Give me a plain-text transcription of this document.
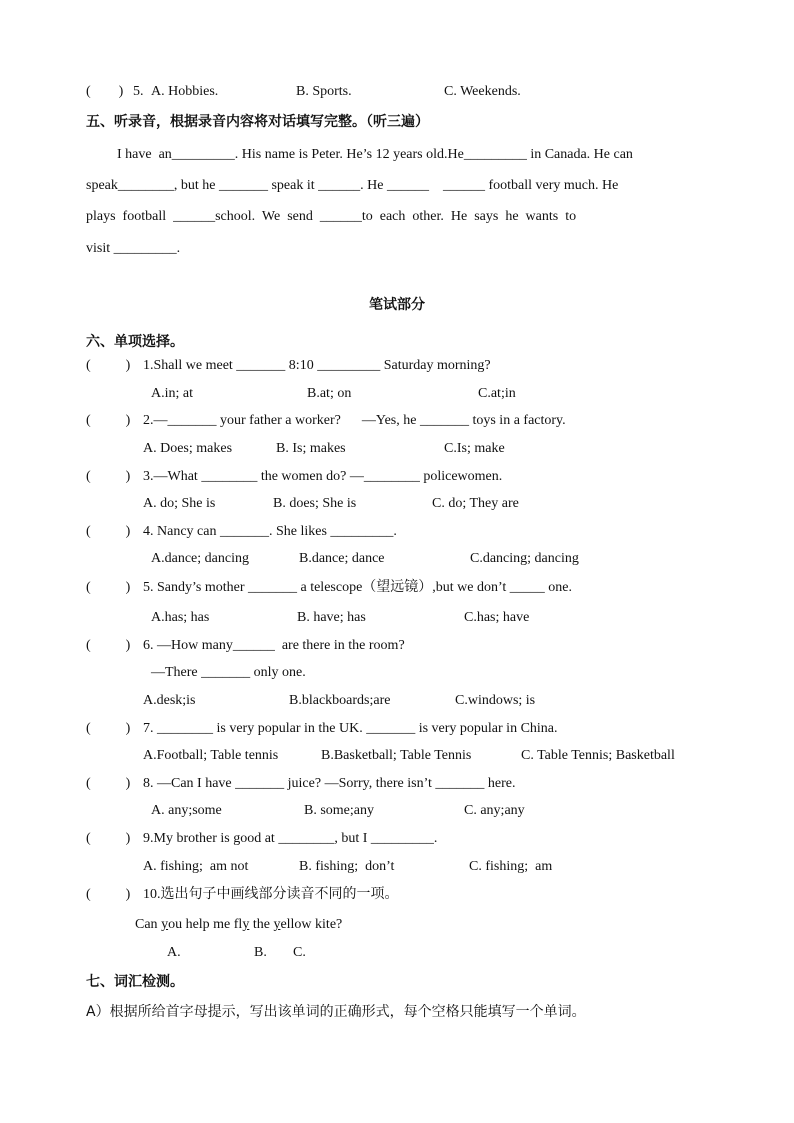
(        ) 5. A. Hobbies.	B. Sports.	C. Weekends.
五、听录音，根据录音内容将对话填写完整。（听三遍）
I have  an_________. His name is Peter. He’s 12 years old.He_________ in Canada. He can
speak________, but he _______ speak it ______. He ______    ______ football very much. He
plays  football  ______school.  We  send  ______to  each  other.  He  says  he  wants  to
visit _________.
笔试部分
六、单项选择。
(          ) 1.Shall we meet _______ 8:10 _________ Saturday morning?
A.in; at	B.at; on	C.at;in
(          ) 2.—_______ your father a worker?      —Yes, he _______ toys in a factory.
A. Does; makes	B. Is; makes	C.Is; make
(          ) 3.—What ________ the women do? —________ policewomen.
A. do; She is	B. does; She is	C. do; They are
(          ) 4. Nancy can _______. She likes _________.
A.dance; dancing	B.dance; dance	C.dancing; dancing
(          ) 5. Sandy’s mother _______ a telescope（望远镜）,but we don’t _____ one.
A.has; has	B. have; has	C.has; have
(          ) 6. —How many______  are there in the room?
—There _______ only one.
A.desk;is	B.blackboards;are	C.windows; is
(          ) 7. ________ is very popular in the UK. _______ is very popular in China.
A.Football; Table tennis	B.Basketball; Table Tennis	C. Table Tennis; Basketball
(          ) 8. —Can I have _______ juice? —Sorry, there isn’t _______ here.
A. any;some	B. some;any	C. any;any
(          ) 9.My brother is good at ________, but I _________.
A. fishing;  am not	B. fishing;  don’t	C. fishing;  am
(          ) 10.选出句子中画线部分读音不同的一项。
Can you help me fly the yellow kite?
A.	B. C.
七、词汇检测。
A）根据所给首字母提示，写出该单词的正确形式，每个空格只能填写一个单词。
